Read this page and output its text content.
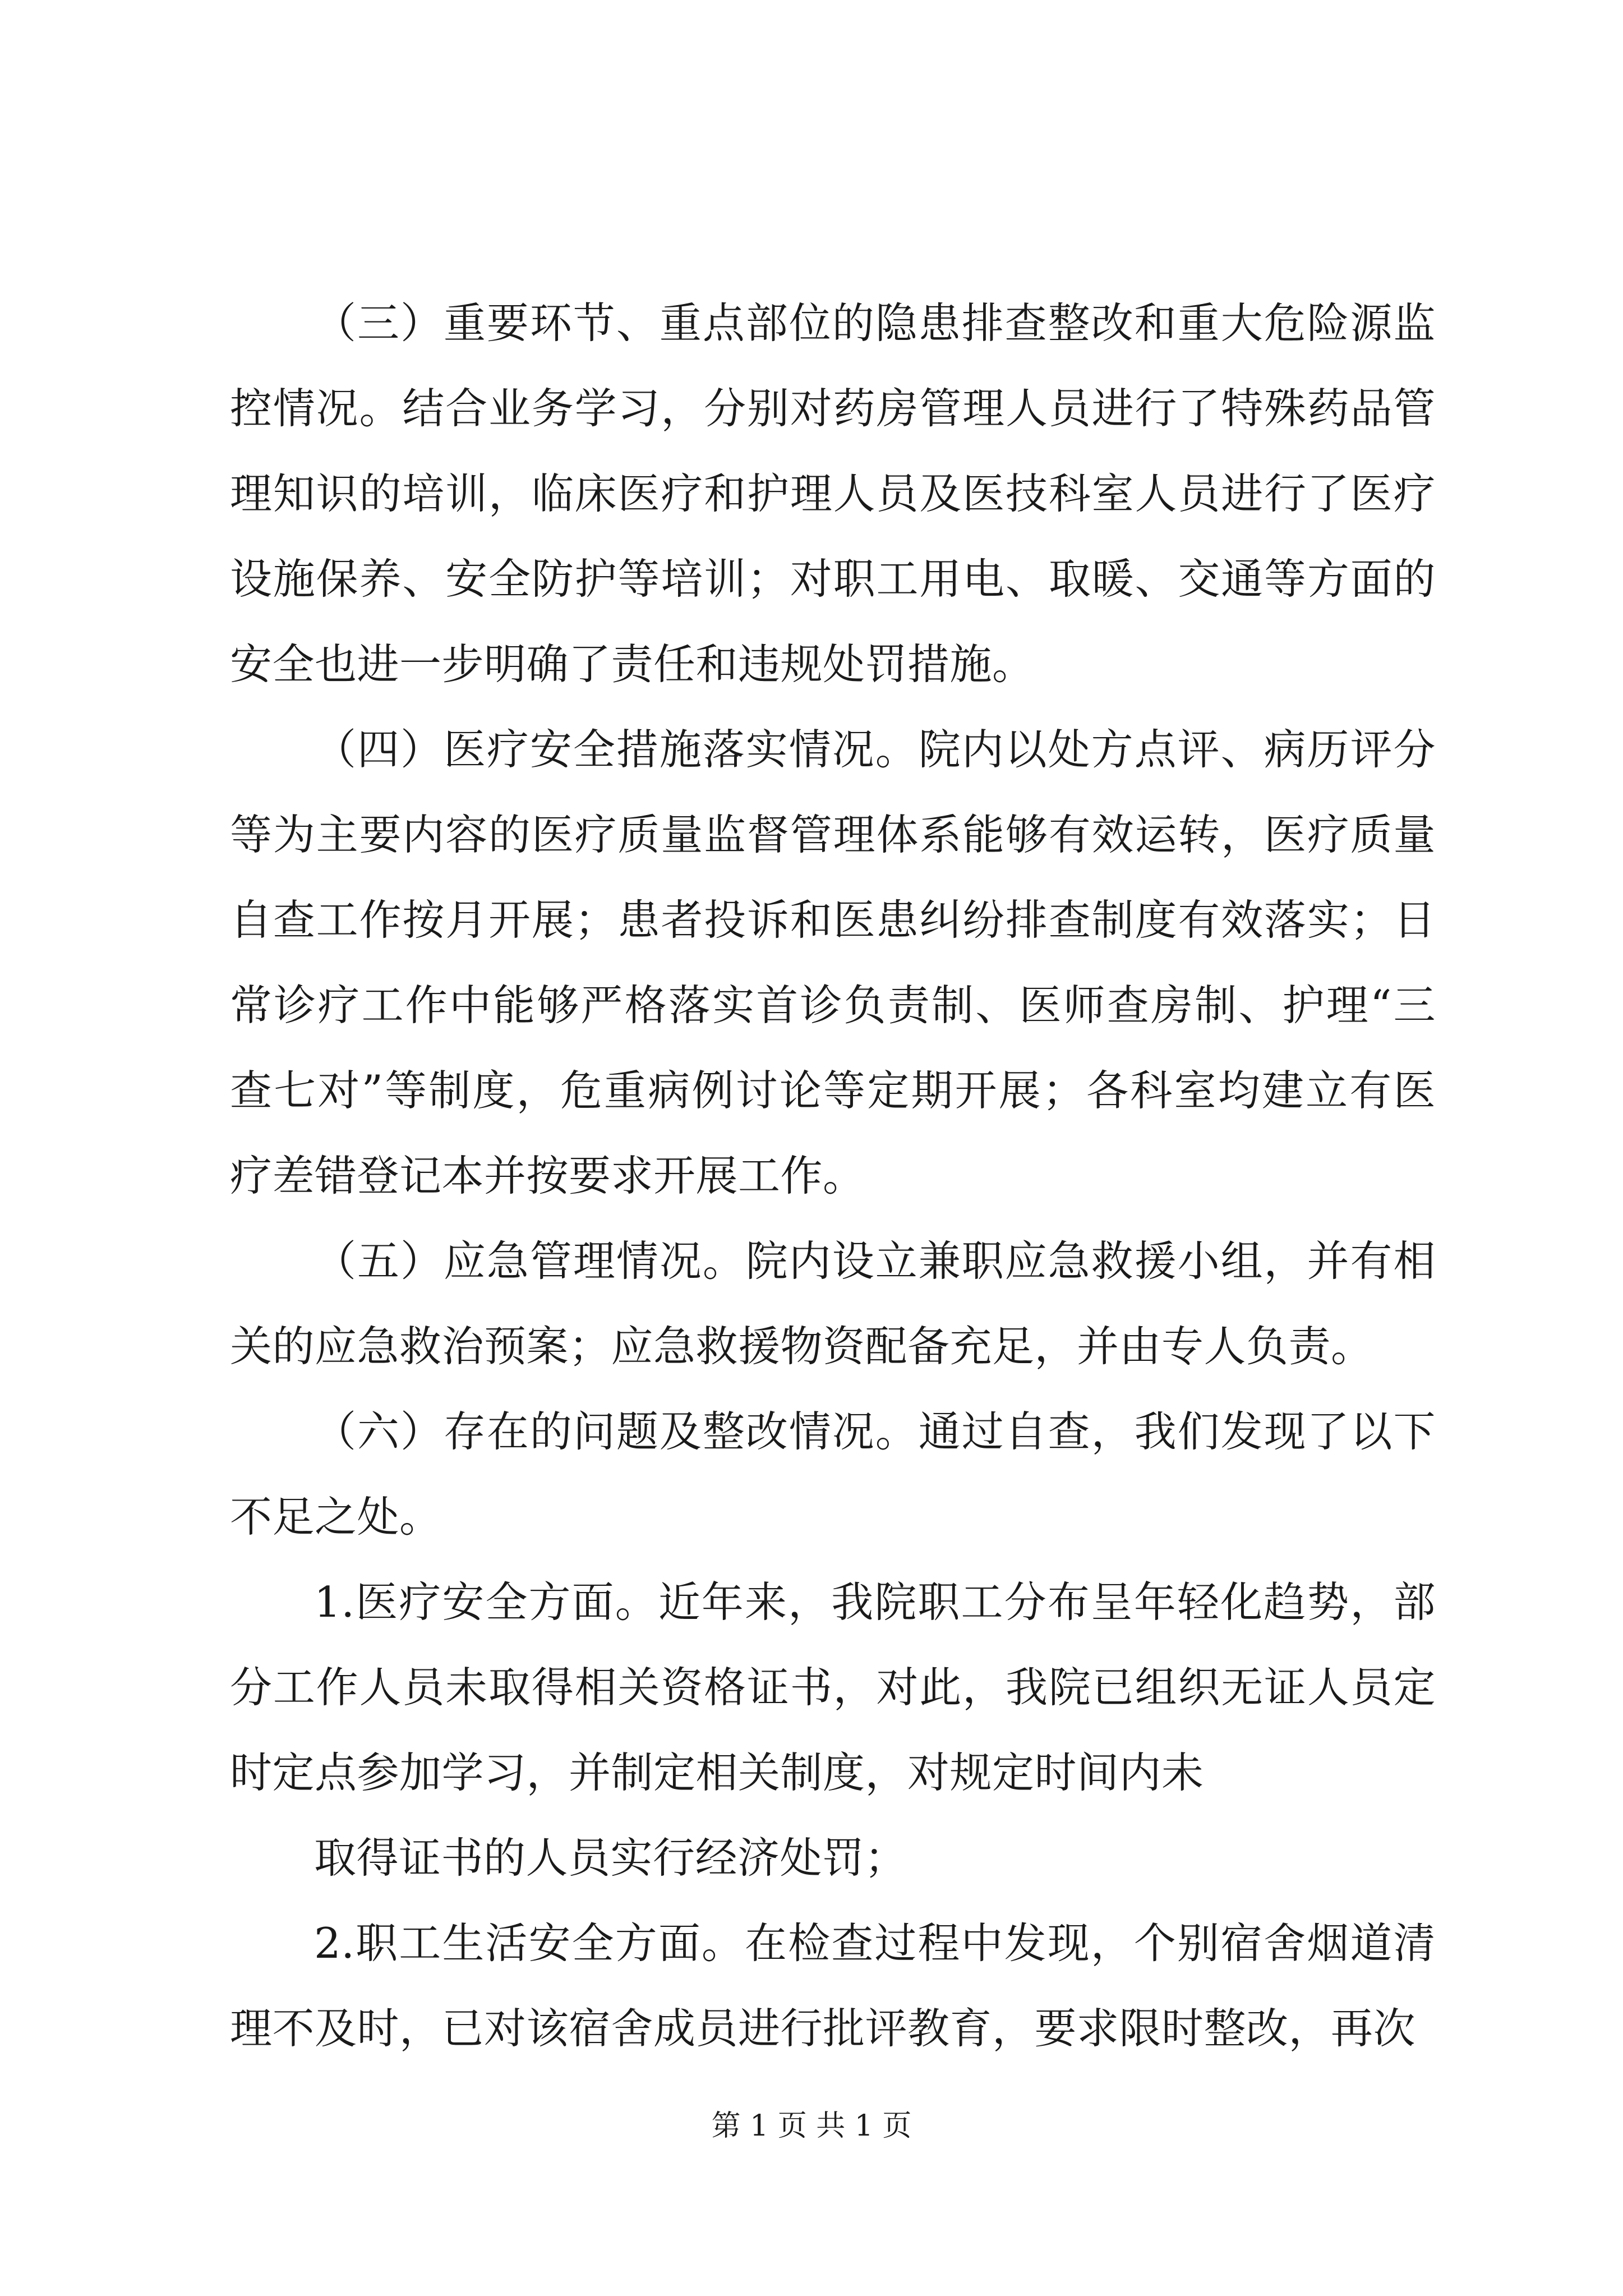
（三）重要环节、重点部位的隐患排查整改和重大危险源监控情况。结合业务学习，分别对药房管理人员进行了特殊药品管理知识的培训，临床医疗和护理人员及医技科室人员进行了医疗设施保养、安全防护等培训；对职工用电、取暖、交通等方面的安全也进一步明确了责任和违规处罚措施。

（四）医疗安全措施落实情况。院内以处方点评、病历评分等为主要内容的医疗质量监督管理体系能够有效运转，医疗质量自查工作按月开展；患者投诉和医患纠纷排查制度有效落实；日常诊疗工作中能够严格落实首诊负责制、医师查房制、护理“三查七对”等制度，危重病例讨论等定期开展；各科室均建立有医疗差错登记本并按要求开展工作。

（五）应急管理情况。院内设立兼职应急救援小组，并有相关的应急救治预案；应急救援物资配备充足，并由专人负责。

（六）存在的问题及整改情况。通过自查，我们发现了以下不足之处。

1.医疗安全方面。近年来，我院职工分布呈年轻化趋势，部分工作人员未取得相关资格证书，对此，我院已组织无证人员定时定点参加学习，并制定相关制度，对规定时间内未

取得证书的人员实行经济处罚；

2.职工生活安全方面。在检查过程中发现，个别宿舍烟道清理不及时，已对该宿舍成员进行批评教育，要求限时整改，再次

第 1 页 共 1 页
